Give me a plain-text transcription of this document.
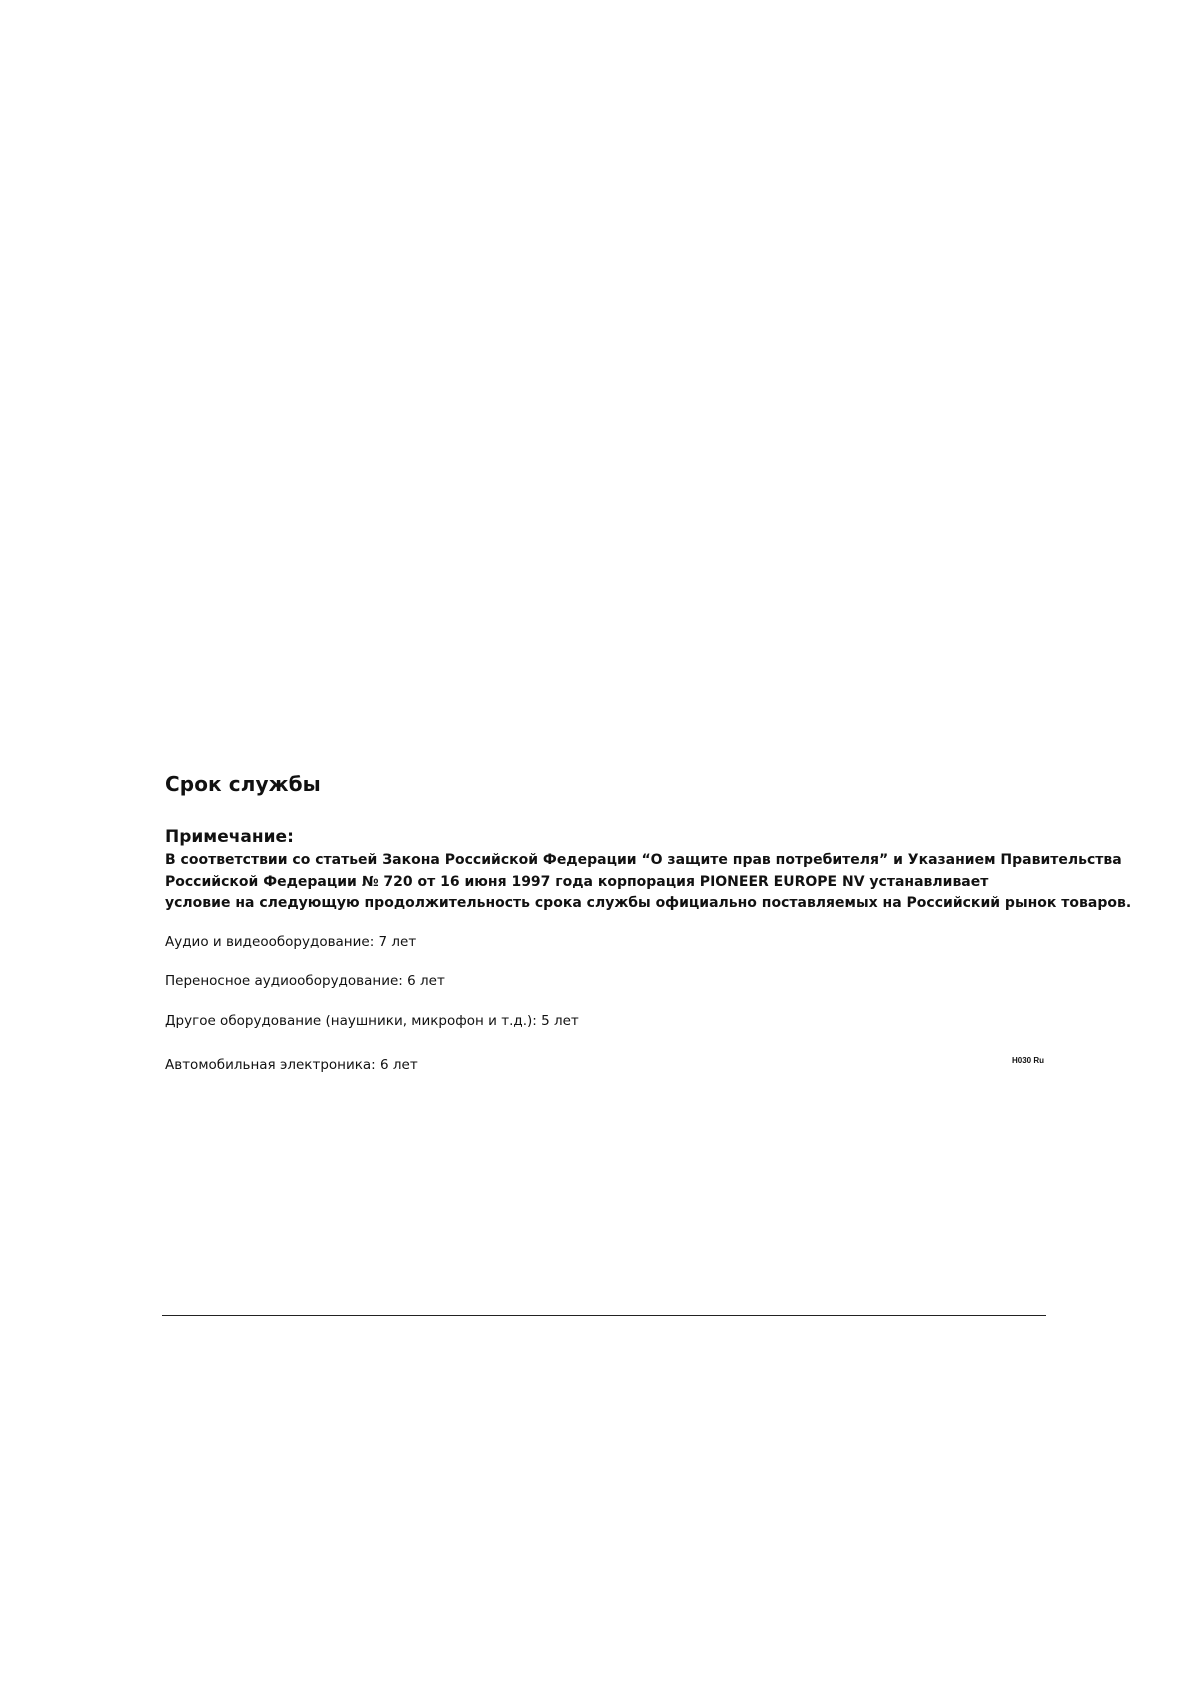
Срок службы
Примечание:

В соответствии со статьей Закона Российской Федерации “О защите прав потребителя” и Указанием Правительства
Российской Федерации № 720 от 16 июня 1997 года корпорация PIONEER EUROPE NV устанавливает
условие на следующую продолжительность срока службы официально поставляемых на Российский рынок товаров.

Аудио и видеооборудование: 7 лет

Переносное аудиооборудование: 6 лет

Другое оборудование (наушники, микрофон и т.д.): 5 лет

Автомобильная электроника: 6 лет	H030 Ru
